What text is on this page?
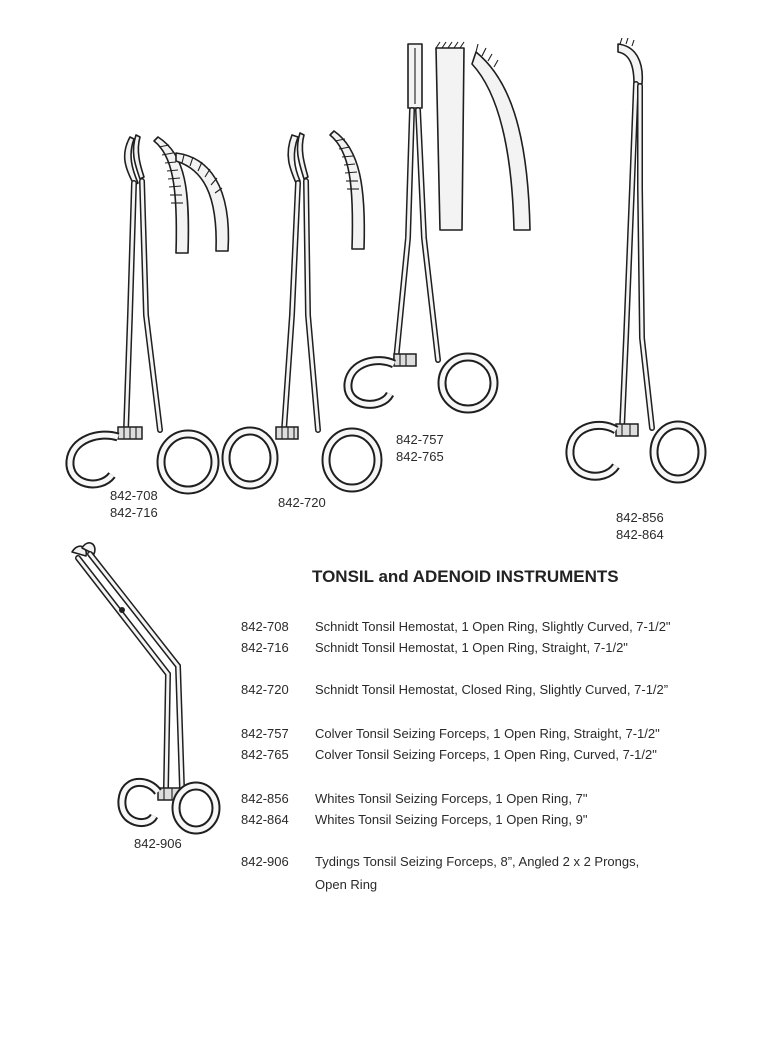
842-708
842-716
842-720
842-757
842-765
842-856
842-864
842-906
TONSIL and ADENOID INSTRUMENTS
842-708 Schnidt Tonsil Hemostat, 1 Open Ring, Slightly Curved, 7-1/2"
842-716 Schnidt Tonsil Hemostat, 1 Open Ring, Straight, 7-1/2"
842-720 Schnidt Tonsil Hemostat, Closed Ring, Slightly Curved, 7-1/2”
842-757 Colver Tonsil Seizing Forceps, 1 Open Ring, Straight, 7-1/2"
842-765 Colver Tonsil Seizing Forceps, 1 Open Ring, Curved, 7-1/2"
842-856 Whites Tonsil Seizing Forceps, 1 Open Ring, 7"
842-864 Whites Tonsil Seizing Forceps, 1 Open Ring, 9"
842-906 Tydings Tonsil Seizing Forceps, 8”, Angled 2 x 2 Prongs,
Open Ring
